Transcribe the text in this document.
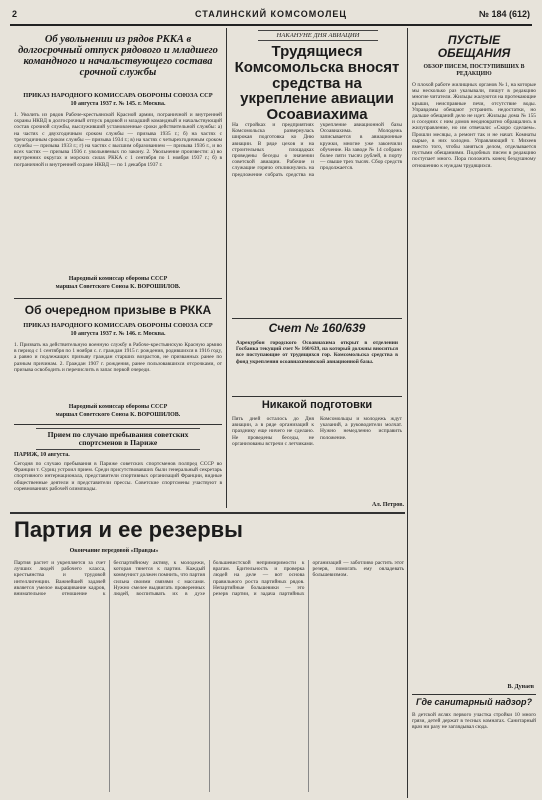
2	СТАЛИНСКИЙ КОМСОМОЛЕЦ	№ 184 (612)
Об увольнении из рядов РККА в долгосрочный отпуск рядового и младшего командного и начальствующего состава срочной службы
ПРИКАЗ НАРОДНОГО КОМИССАРА ОБОРОНЫ СОЮЗА ССР
10 августа 1937 г. № 145. г. Москва.
1. Уволить из рядов Рабоче-крестьянской Красной армии, пограничной и внутренней охраны НКВД в долгосрочный отпуск рядовой и младший командный и начальствующий состав срочной службы, выслуживший установленные сроки действительной службы: а) на частях с двухгодичным сроком службы — призыва 1935 г.; б) на частях с трехгодичным сроком службы — призыва 1934 г.; в) на частях с четырехгодичным сроком службы — призыва 1933 г.; г) на частях с высшим образованием — призыва 1936 г., и во всех частях — призыва 1936 г. увольняемых по закону. 2. Увольнение произвести: а) во внутренних округах и морских силах РККА с 1 сентября по 1 ноября 1937 г.; б) в пограничной и внутренней охране НКВД — по 1 декабря 1937 г.
Народный комиссар обороны СССР
маршал Советского Союза К. ВОРОШИЛОВ.
Об очередном призыве в РККА
ПРИКАЗ НАРОДНОГО КОМИССАРА ОБОРОНЫ СОЮЗА ССР
10 августа 1937 г. № 146. г. Москва.
1. Призвать на действительную военную службу в Рабоче-крестьянскую Красную армию в период с 1 сентября по 1 ноября с. г. граждан 1915 г. рождения, родившихся в 1916 году, а равно и подлежащих призыву граждан старших возрастов, не призванных ранее по разным причинам. 2. Граждан 1907 г. рождения, ранее пользовавшихся отсрочками, от призыва освободить и перечислить в запас первой очереди.
Народный комиссар обороны СССР
маршал Советского Союза К. ВОРОШИЛОВ.
Прием по случаю пребывания советских спортсменов в Париже
ПАРИЖ, 10 августа.
Сегодня по случаю пребывания в Париже советских спортсменов полпред СССР во Франции т. Суриц устроил прием. Среди присутствовавших были генеральный секретарь спортивного интернационала, представители спортивных организаций Франции, видные общественные деятели и представители прессы. Советские спортсмены участвуют в соревнованиях рабочей олимпиады.
НАКАНУНЕ ДНЯ АВИАЦИИ
Трудящиеся Комсомольска вносят средства на укрепление авиации Осоавиахима
На стройках и предприятиях Комсомольска развернулась широкая подготовка ко Дню авиации. В ряде цехов и на строительных площадках проведены беседы о значении советской авиации. Рабочие и служащие горячо откликнулись на предложение собрать средства на укрепление авиационной базы Осоавиахима. Молодежь записывается в авиационные кружки, многие уже закончили обучение. На заводе № 14 собрано более пяти тысяч рублей, в порту — свыше трех тысяч. Сбор средств продолжается.
Счет № 160/639
Азрекурбон городского Осоавиахима открыт в отделении Госбанка текущий счет № 160/639, на который должны вноситься все поступающие от трудящихся гор. Комсомольска средства в фонд укрепления осоавиахимовской авиационной базы.
Никакой подготовки
Пять дней осталось до Дня авиации, а в ряде организаций к празднику еще ничего не сделано. Не проведены беседы, не организованы встречи с летчиками. Комсомольцы и молодежь ждут указаний, а руководители молчат. Нужно немедленно исправить положение.
Ал. Петров.
ПУСТЫЕ ОБЕЩАНИЯ
ОБЗОР ПИСЕМ, ПОСТУПИВШИХ В РЕДАКЦИЮ
О плохой работе жилищных органов № 1, на которые мы несколько раз указывали, пишут в редакцию многие читатели. Жильцы жалуются на протекающие крыши, неисправные печи, отсутствие воды. Управдомы обещают устранить недостатки, но дальше обещаний дело не идет. Жильцы дома № 155 и соседних с ним домов неоднократно обращались в жилуправление, но им отвечали: «Скоро сделаем». Прошли месяцы, а ремонт так и не начат. Комнаты сырые, в них холодно. Управляющий т. Михеев вместо того, чтобы заняться делом, отделывается пустыми обещаниями. Подобных писем в редакцию поступает много. Пора положить конец бездушному отношению к нуждам трудящихся.
В. Дунаев
Партия и ее резервы
Окончание передовой «Правды»
Партия растет и укрепляется за счет лучших людей рабочего класса, крестьянства и трудовой интеллигенции. Важнейшей задачей является умелое выращивание кадров, внимательное отношение к беспартийному активу, к молодежи, которая тянется к партии. Каждый коммунист должен помнить, что партия сильна своими связями с массами. Нужно смелее выдвигать проверенных людей, воспитывать их в духе большевистской непримиримости к врагам. Бдительность и проверка людей на деле — вот основа правильного роста партийных рядов. Непартийные большевики — это резерв партии, и задача партийных организаций — заботливо растить этот резерв, помогать ему овладевать большевизмом.
Где санитарный надзор?
В детской яслях первого участка стройки 10 много грязи, детей держат в тесных комнатах. Санитарный врач ни разу не заглядывал сюда.
